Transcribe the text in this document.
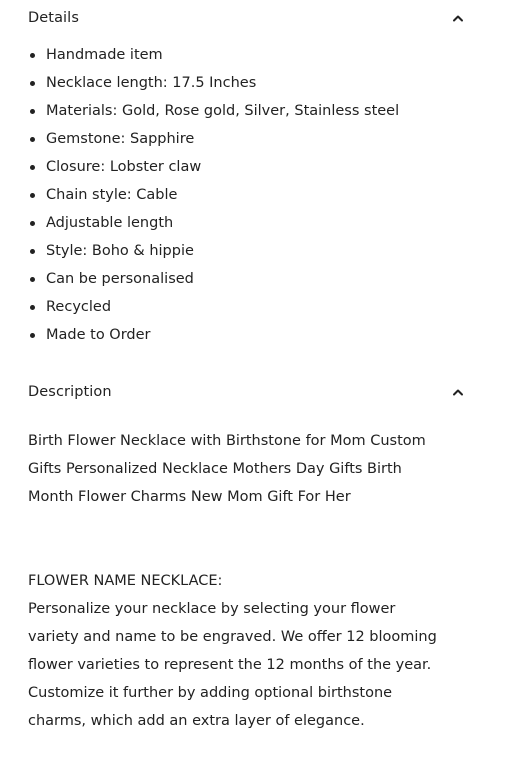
Details
Handmade item
Necklace length: 17.5 Inches
Materials: Gold, Rose gold, Silver, Stainless steel
Gemstone: Sapphire
Closure: Lobster claw
Chain style: Cable
Adjustable length
Style: Boho & hippie
Can be personalised
Recycled
Made to Order
Description
Birth Flower Necklace with Birthstone for Mom Custom
Gifts Personalized Necklace Mothers Day Gifts Birth
Month Flower Charms New Mom Gift For Her
FLOWER NAME NECKLACE:
Personalize your necklace by selecting your flower
variety and name to be engraved. We offer 12 blooming
flower varieties to represent the 12 months of the year.
Customize it further by adding optional birthstone
charms, which add an extra layer of elegance.
